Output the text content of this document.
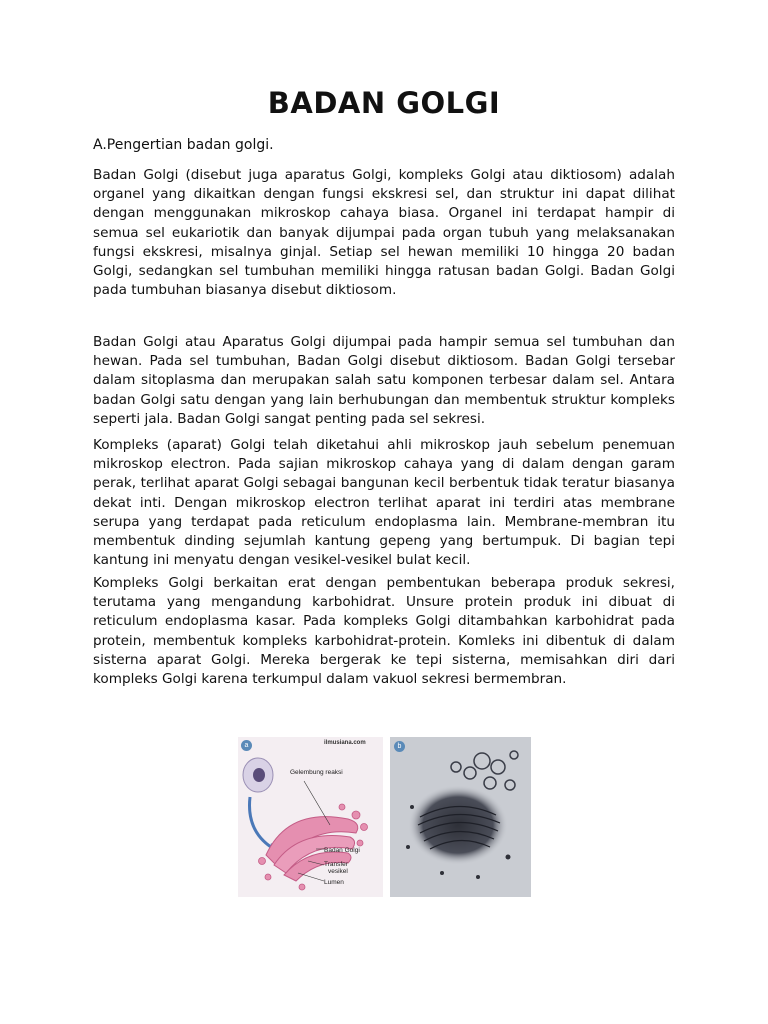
BADAN GOLGI

A.Pengertian badan golgi.

Badan Golgi (disebut juga aparatus Golgi, kompleks Golgi atau diktiosom) adalah organel yang dikaitkan dengan fungsi ekskresi sel, dan struktur ini dapat dilihat dengan menggunakan mikroskop cahaya biasa. Organel ini terdapat hampir di semua sel eukariotik dan banyak dijumpai pada organ tubuh yang melaksanakan fungsi ekskresi, misalnya ginjal. Setiap sel hewan memiliki 10 hingga 20 badan Golgi, sedangkan sel tumbuhan memiliki hingga ratusan badan Golgi. Badan Golgi pada tumbuhan biasanya disebut diktiosom.

Badan Golgi atau Aparatus Golgi dijumpai pada hampir semua sel tumbuhan dan hewan. Pada sel tumbuhan, Badan Golgi disebut diktiosom. Badan Golgi tersebar dalam sitoplasma dan merupakan salah satu komponen terbesar dalam sel. Antara badan Golgi satu dengan yang lain berhubungan dan membentuk struktur kompleks seperti jala. Badan Golgi sangat penting pada sel sekresi.

Kompleks (aparat) Golgi telah diketahui ahli mikroskop jauh sebelum penemuan mikroskop electron. Pada sajian mikroskop cahaya yang di dalam dengan garam perak, terlihat aparat Golgi sebagai bangunan kecil berbentuk tidak teratur biasanya dekat inti. Dengan mikroskop electron terlihat aparat ini terdiri atas membrane serupa yang terdapat pada reticulum endoplasma lain. Membrane-membran itu membentuk dinding sejumlah kantung gepeng yang bertumpuk. Di bagian tepi kantung ini menyatu dengan vesikel-vesikel bulat kecil.

Kompleks Golgi berkaitan erat dengan pembentukan beberapa produk sekresi, terutama yang mengandung karbohidrat. Unsure protein produk ini dibuat di reticulum endoplasma kasar. Pada kompleks Golgi ditambahkan karbohidrat pada protein, membentuk kompleks karbohidrat-protein. Komleks ini dibentuk di dalam sisterna aparat Golgi. Mereka bergerak ke tepi sisterna, memisahkan diri dari kompleks Golgi karena terkumpul dalam vakuol sekresi bermembran.

a	ilmusiana.com
Gelembung reaksi
Badan Golgi
Transfer
vesikel
Lumen
b
